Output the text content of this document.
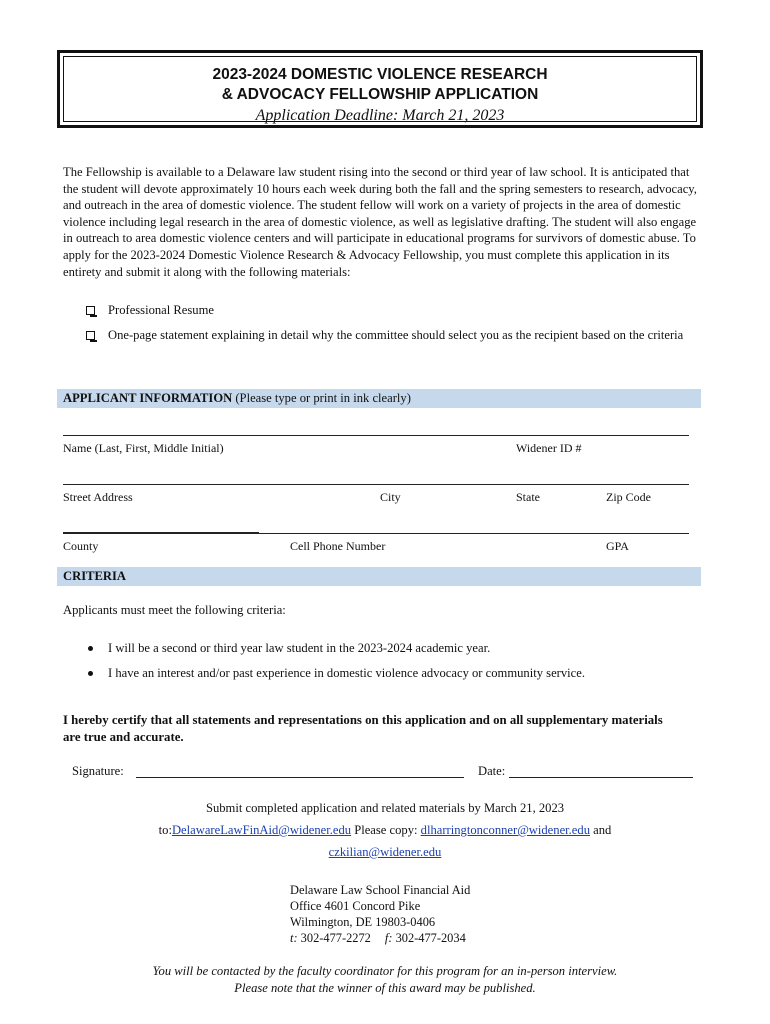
2023-2024 DOMESTIC VIOLENCE RESEARCH
& ADVOCACY FELLOWSHIP APPLICATION
Application Deadline: March 21, 2023
The Fellowship is available to a Delaware law student rising into the second or third year of law school. It is anticipated that the student will devote approximately 10 hours each week during both the fall and the spring semesters to research, advocacy, and outreach in the area of domestic violence. The student fellow will work on a variety of projects in the area of domestic violence including legal research in the area of domestic violence, as well as legislative drafting. The student will also engage in outreach to area domestic violence centers and will participate in educational programs for survivors of domestic abuse. To apply for the 2023-2024 Domestic Violence Research & Advocacy Fellowship, you must complete this application in its entirety and submit it along with the following materials:
Professional Resume
One-page statement explaining in detail why the committee should select you as the recipient based on the criteria
APPLICANT INFORMATION (Please type or print in ink clearly)
Name (Last, First, Middle Initial)	Widener ID #
Street Address	City	State	Zip Code
County	Cell Phone Number	GPA
CRITERIA
Applicants must meet the following criteria:
I will be a second or third year law student in the 2023-2024 academic year.
I have an interest and/or past experience in domestic violence advocacy or community service.
I hereby certify that all statements and representations on this application and on all supplementary materials are true and accurate.
Signature:	Date:
Submit completed application and related materials by March 21, 2023
to:DelawareLawFinAid@widener.edu Please copy: dlharringtonconner@widener.edu and
czkilian@widener.edu
Delaware Law School Financial Aid
Office 4601 Concord Pike
Wilmington, DE 19803-0406
t: 302-477-2272 f: 302-477-2034
You will be contacted by the faculty coordinator for this program for an in-person interview.
Please note that the winner of this award may be published.
